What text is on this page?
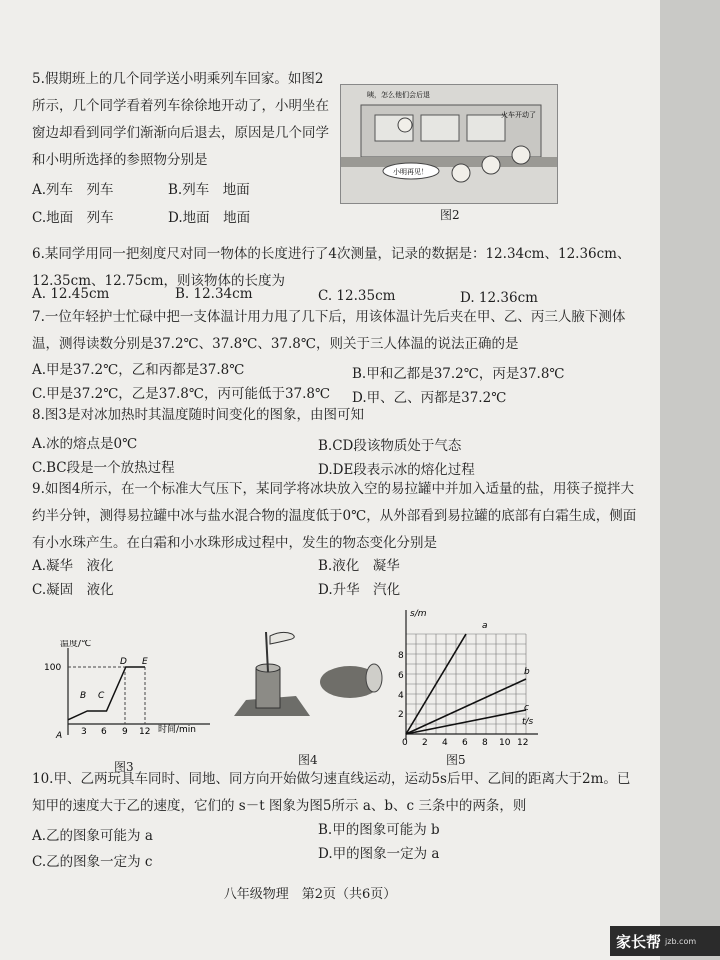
5.假期班上的几个同学送小明乘列车回家。如图2所示，几个同学看着列车徐徐地开动了，小明坐在窗边却看到同学们渐渐向后退去，原因是几个同学和小明所选择的参照物分别是
A.列车　列车	B.列车　地面
C.地面　列车	D.地面　地面
咦，怎么他们会后退
火车开动了
小明再见！
图2
6.某同学用同一把刻度尺对同一物体的长度进行了4次测量，记录的数据是：12.34cm、12.36cm、12.35cm、12.75cm，则该物体的长度为
A. 12.45cm	B. 12.34cm	C. 12.35cm	D. 12.36cm
7.一位年轻护士忙碌中把一支体温计用力甩了几下后，用该体温计先后夹在甲、乙、丙三人腋下测体温，测得读数分别是37.2℃、37.8℃、37.8℃，则关于三人体温的说法正确的是
A.甲是37.2℃，乙和丙都是37.8℃	B.甲和乙都是37.2℃，丙是37.8℃
C.甲是37.2℃，乙是37.8℃，丙可能低于37.8℃ D.甲、乙、丙都是37.2℃
8.图3是对冰加热时其温度随时间变化的图象，由图可知
A.冰的熔点是0℃	B.CD段该物质处于气态
C.BC段是一个放热过程	D.DE段表示冰的熔化过程
9.如图4所示，在一个标准大气压下，某同学将冰块放入空的易拉罐中并加入适量的盐，用筷子搅拌大约半分钟，测得易拉罐中冰与盐水混合物的温度低于0℃，从外部看到易拉罐的底部有白霜生成，侧面有小水珠产生。在白霜和小水珠形成过程中，发生的物态变化分别是
A.凝华　液化	B.液化　凝华
C.凝固　液化	D.升华　汽化
温度/℃
100
3 6 9 12 时间/min
A
B C
D E
图3	图4
s/m
t/s
2
4
6
8
0 2 4 6 8 10 12
a
b
c
图5
10.甲、乙两玩具车同时、同地、同方向开始做匀速直线运动，运动5s后甲、乙间的距离大于2m。已知甲的速度大于乙的速度，它们的 s－t 图象为图5所示 a、b、c 三条中的两条，则
A.乙的图象可能为 a	B.甲的图象可能为 b
C.乙的图象一定为 c	D.甲的图象一定为 a
八年级物理　第2页（共6页）
家长帮 jzb.com
